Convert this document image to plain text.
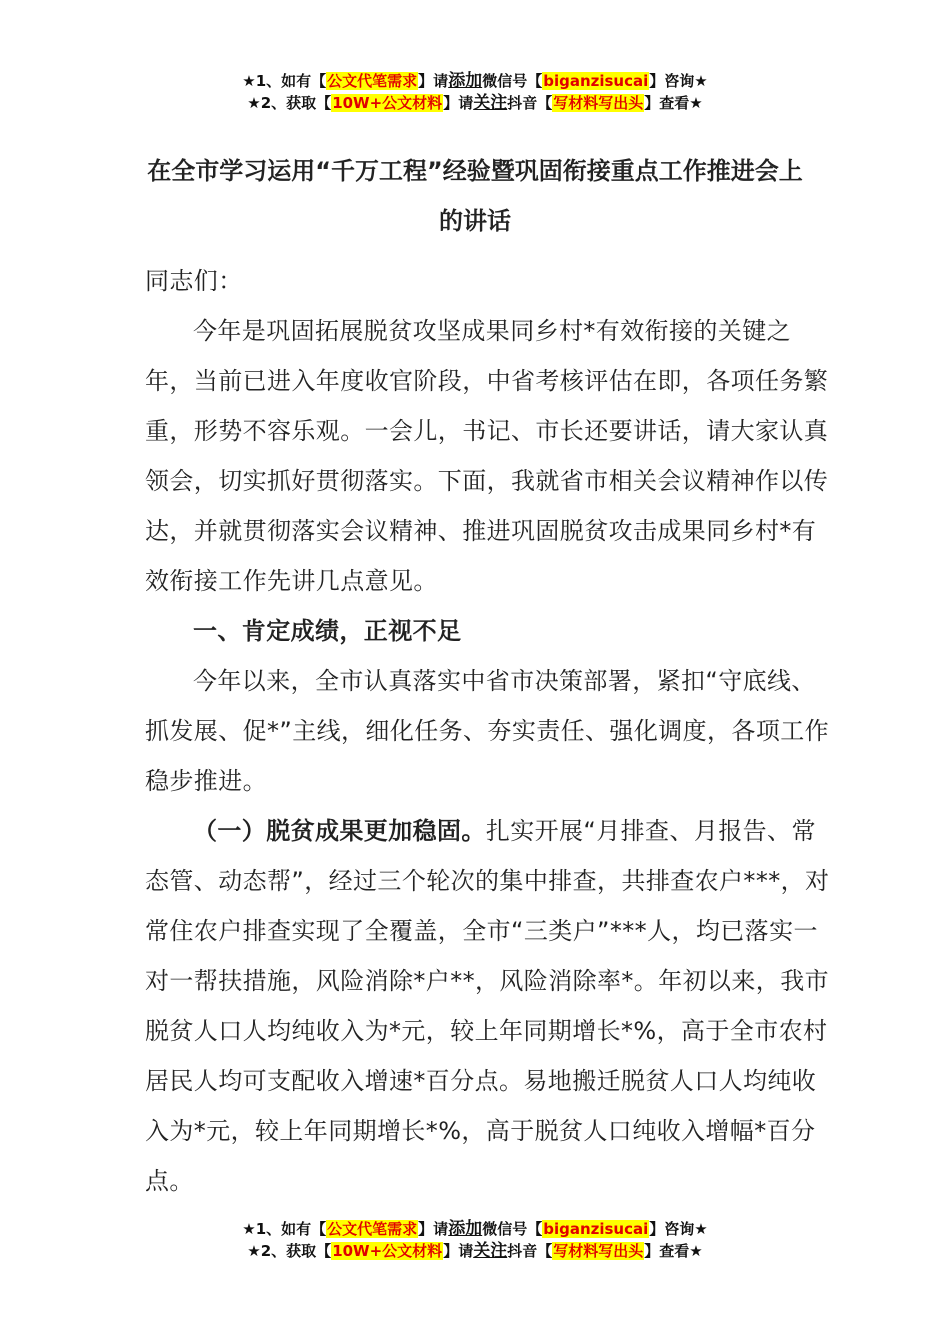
★1、如有【公文代笔需求】请添加微信号【biganzisucai】咨询★
★2、获取【10W+公文材料】请关注抖音【写材料写出头】查看★
在全市学习运用“千万工程”经验暨巩固衔接重点工作推进会上的讲话

同志们：

今年是巩固拓展脱贫攻坚成果同乡村*有效衔接的关键之年，当前已进入年度收官阶段，中省考核评估在即，各项任务繁重，形势不容乐观。一会儿，书记、市长还要讲话，请大家认真领会，切实抓好贯彻落实。下面，我就省市相关会议精神作以传达，并就贯彻落实会议精神、推进巩固脱贫攻击成果同乡村*有效衔接工作先讲几点意见。

一、肯定成绩，正视不足

今年以来，全市认真落实中省市决策部署，紧扣“守底线、抓发展、促*”主线，细化任务、夯实责任、强化调度，各项工作稳步推进。

（一）脱贫成果更加稳固。扎实开展“月排查、月报告、常态管、动态帮”，经过三个轮次的集中排查，共排查农户***，对常住农户排查实现了全覆盖，全市“三类户”***人，均已落实一对一帮扶措施，风险消除*户**，风险消除率*。年初以来，我市脱贫人口人均纯收入为*元，较上年同期增长*%，高于全市农村居民人均可支配收入增速*百分点。易地搬迁脱贫人口人均纯收入为*元，较上年同期增长*%，高于脱贫人口纯收入增幅*百分点。

★1、如有【公文代笔需求】请添加微信号【biganzisucai】咨询★
★2、获取【10W+公文材料】请关注抖音【写材料写出头】查看★
